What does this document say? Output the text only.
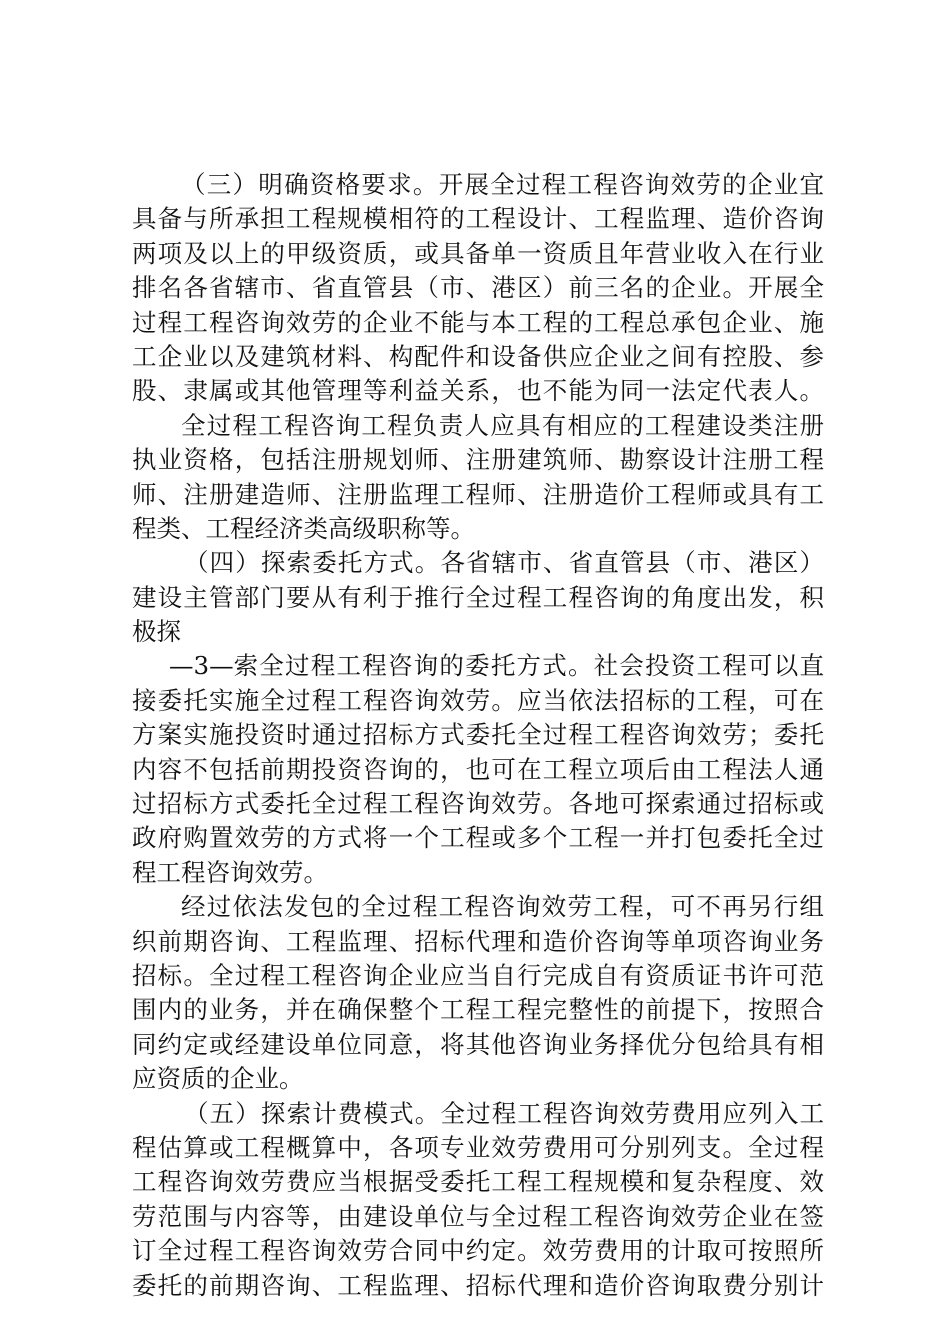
（三）明确资格要求。开展全过程工程咨询效劳的企业宜
具备与所承担工程规模相符的工程设计、工程监理、造价咨询
两项及以上的甲级资质，或具备单一资质且年营业收入在行业
排名各省辖市、省直管县（市、港区）前三名的企业。开展全
过程工程咨询效劳的企业不能与本工程的工程总承包企业、施
工企业以及建筑材料、构配件和设备供应企业之间有控股、参
股、隶属或其他管理等利益关系，也不能为同一法定代表人。
全过程工程咨询工程负责人应具有相应的工程建设类注册
执业资格，包括注册规划师、注册建筑师、勘察设计注册工程
师、注册建造师、注册监理工程师、注册造价工程师或具有工
程类、工程经济类高级职称等。
（四）探索委托方式。各省辖市、省直管县（市、港区）
建设主管部门要从有利于推行全过程工程咨询的角度出发，积
极探
—3— 索全过程工程咨询的委托方式。社会投资工程可以直
接委托实施全过程工程咨询效劳。应当依法招标的工程，可在
方案实施投资时通过招标方式委托全过程工程咨询效劳；委托
内容不包括前期投资咨询的，也可在工程立项后由工程法人通
过招标方式委托全过程工程咨询效劳。各地可探索通过招标或
政府购置效劳的方式将一个工程或多个工程一并打包委托全过
程工程咨询效劳。
经过依法发包的全过程工程咨询效劳工程，可不再另行组
织前期咨询、工程监理、招标代理和造价咨询等单项咨询业务
招标。全过程工程咨询企业应当自行完成自有资质证书许可范
围内的业务，并在确保整个工程工程完整性的前提下，按照合
同约定或经建设单位同意，将其他咨询业务择优分包给具有相
应资质的企业。
（五）探索计费模式。全过程工程咨询效劳费用应列入工
程估算或工程概算中，各项专业效劳费用可分别列支。全过程
工程咨询效劳费应当根据受委托工程工程规模和复杂程度、效
劳范围与内容等，由建设单位与全过程工程咨询效劳企业在签
订全过程工程咨询效劳合同中约定。效劳费用的计取可按照所
委托的前期咨询、工程监理、招标代理和造价咨询取费分别计
